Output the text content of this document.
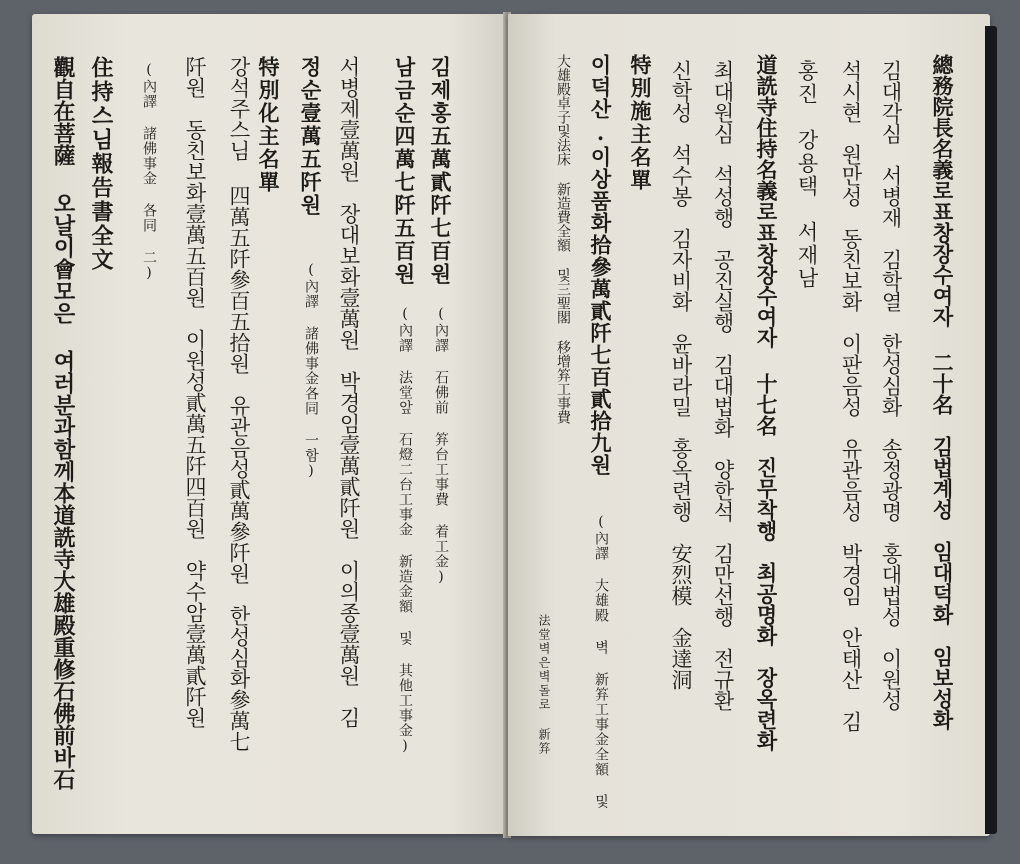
김제홍五萬貳阡七百원
(內譯 石佛前 笲台工事費 着工金)
남금순四萬七阡五百원
(內譯 法堂앞 石燈二台工事金 新造金額 및 其他工事金)
서병제壹萬원　장대보화壹萬원　박경임壹萬貳阡원　이의종壹萬원　김
정순壹萬五阡원
(內譯 諸佛事金各同 一함)
特別化主名單
강석주스님 四萬五阡參百五拾원　유관음성貳萬參阡원　한성심화參萬七
阡원　동친보화壹萬五百원　이원성貳萬五阡四百원　약수암壹萬貳阡원
(內譯 諸佛事金 各同 二)
住持스님報告書全文
觀自在菩薩 오날이會모은 여러분과함께本道詵寺大雄殿重修石佛前바石	總務院長名義로표창장수여자 二十名　김법계성　임대덕화　임보성화
김대각심　서병재　김학열　한성심화　송정광명　홍대법성　이원성
석시현　원만성　동친보화　이판음성　유관음성　박경임　안태산　김
홍진　강용택　서재남
道詵寺住持名義로표창장수여자 十七名　진무착행　최공명화　장옥련화
최대원심　석성행　공진실행　김대법화　양한석　김만선행　전규환
신학성　석수봉　김자비화　윤바라밀　홍옥련행　安烈模　金達洞
特別施主名單
이덕산.이상품화拾參萬貳阡七百貳拾九원
(內譯 大雄殿 벽 新笲工事金全額 및
大雄殿卓子및法床 新造費全額 및三聖閣 移增笲工事費
法堂벽은벽돌로 新笲
